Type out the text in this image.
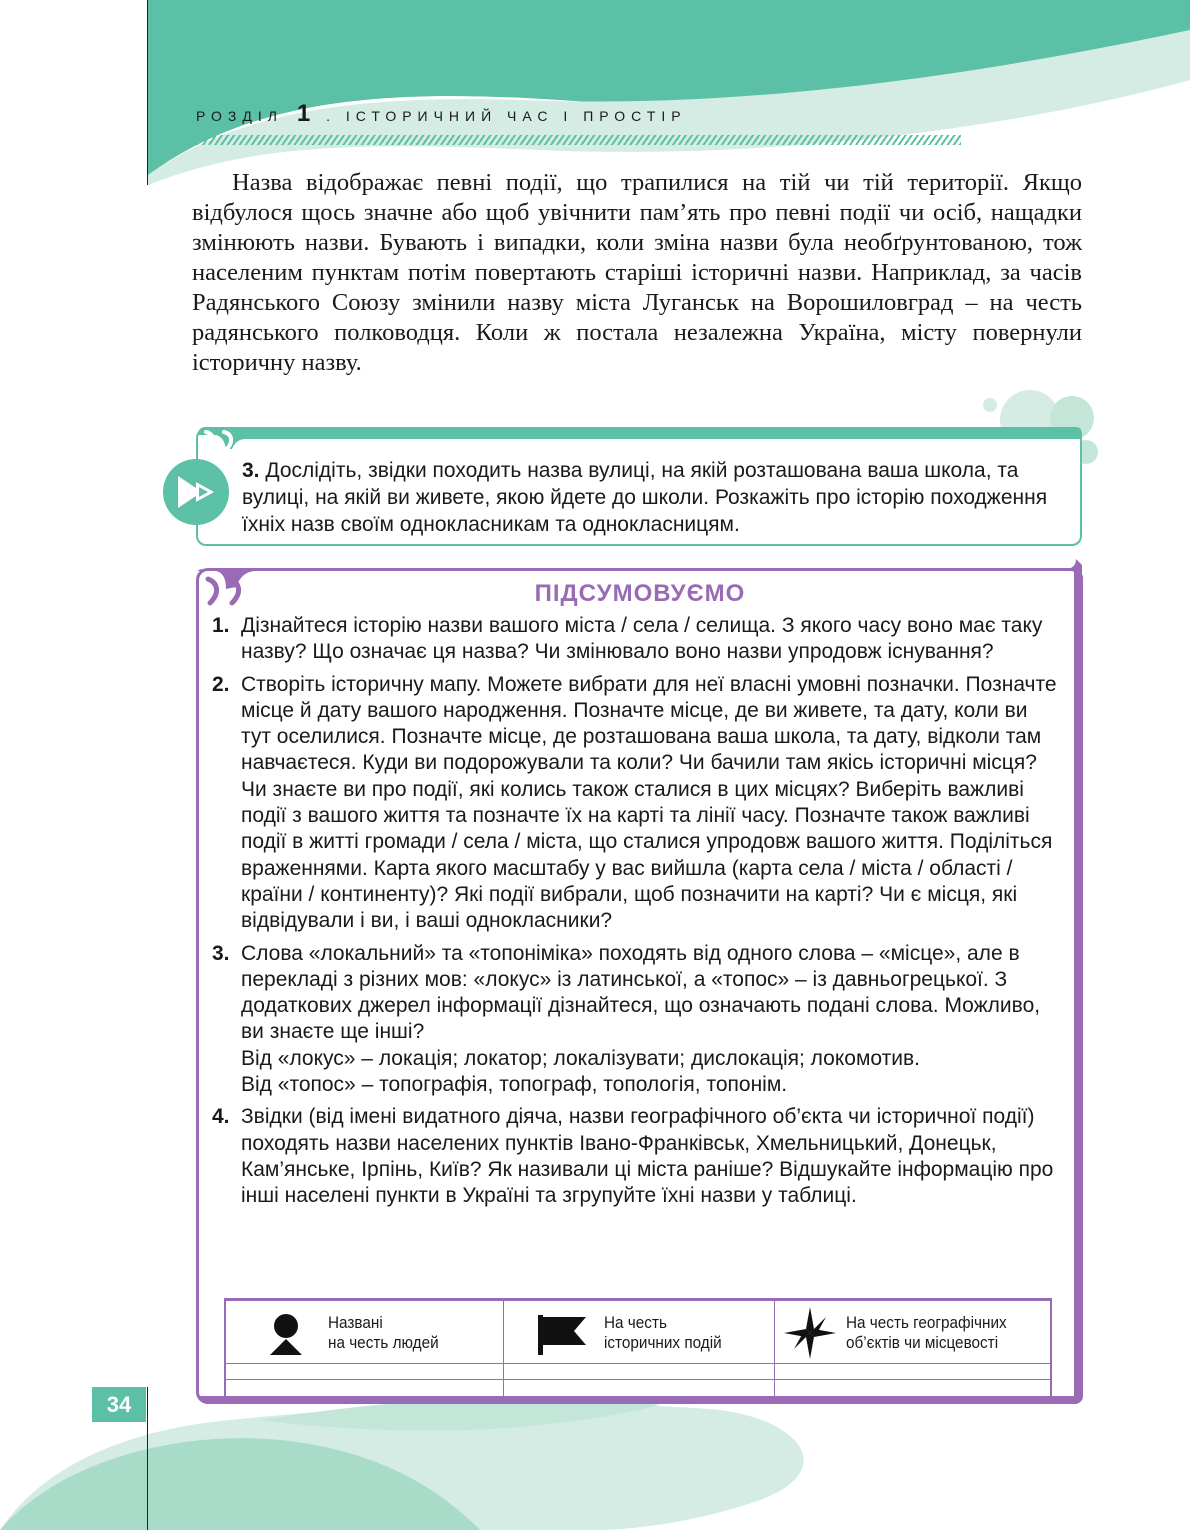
РОЗДІЛ 1 . ІСТОРИЧНИЙ ЧАС І ПРОСТІР

Назва відображає певні події, що трапилися на тій чи тій території. Якщо відбулося щось значне або щоб увічнити пам’ять про певні події чи осіб, нащадки змінюють назви. Бувають і випадки, коли зміна назви була необґрунтованою, тож населеним пунктам потім повертають старіші історичні назви. Наприклад, за часів Радянського Союзу змінили назву міста Луганськ на Ворошиловград – на честь радянського полководця. Коли ж постала незалежна Україна, місту повернули історичну назву.

3. Дослідіть, звідки походить назва вулиці, на якій розташована ваша школа, та вулиці, на якій ви живете, якою йдете до школи. Розкажіть про історію походження їхніх назв своїм однокласникам та однокласницям.

ПІДСУМОВУЄМО
1. Дізнайтеся історію назви вашого міста / села / селища. З якого часу воно має таку назву? Що означає ця назва? Чи змінювало воно назви упродовж існування?
2. Створіть історичну мапу. Можете вибрати для неї власні умовні позначки. Позначте місце й дату вашого народження. Позначте місце, де ви живете, та дату, коли ви тут оселилися. Позначте місце, де розташована ваша школа, та дату, відколи там навчаєтеся. Куди ви подорожували та коли? Чи бачили там якісь історичні місця? Чи знаєте ви про події, які колись також сталися в цих місцях? Виберіть важливі події з вашого життя та позначте їх на карті та лінії часу. Позначте також важливі події в житті громади / села / міста, що сталися упродовж вашого життя. Поділіться враженнями. Карта якого масштабу у вас вийшла (карта села / міста / області / країни / континенту)? Які події вибрали, щоб позначити на карті? Чи є місця, які відвідували і ви, і ваші однокласники?
3. Слова «локальний» та «топоніміка» походять від одного слова – «місце», але в перекладі з різних мов: «локус» із латинської, а «топос» – із давньогрецької. З додаткових джерел інформації дізнайтеся, що означають подані слова. Можливо, ви знаєте ще інші?
Від «локус» – локація; локатор; локалізувати; дислокація; локомотив.
Від «топос» – топографія, топограф, топологія, топонім.
4. Звідки (від імені видатного діяча, назви географічного об’єкта чи історичної події) походять назви населених пунктів Івано-Франківськ, Хмельницький, Донецьк, Кам’янське, Ірпінь, Київ? Як називали ці міста раніше? Відшукайте інформацію про інші населені пункти в Україні та згрупуйте їхні назви у таблиці.
Названі
на честь людей
На честь
історичних подій
На честь географічних
об’єктів чи місцевості
34
